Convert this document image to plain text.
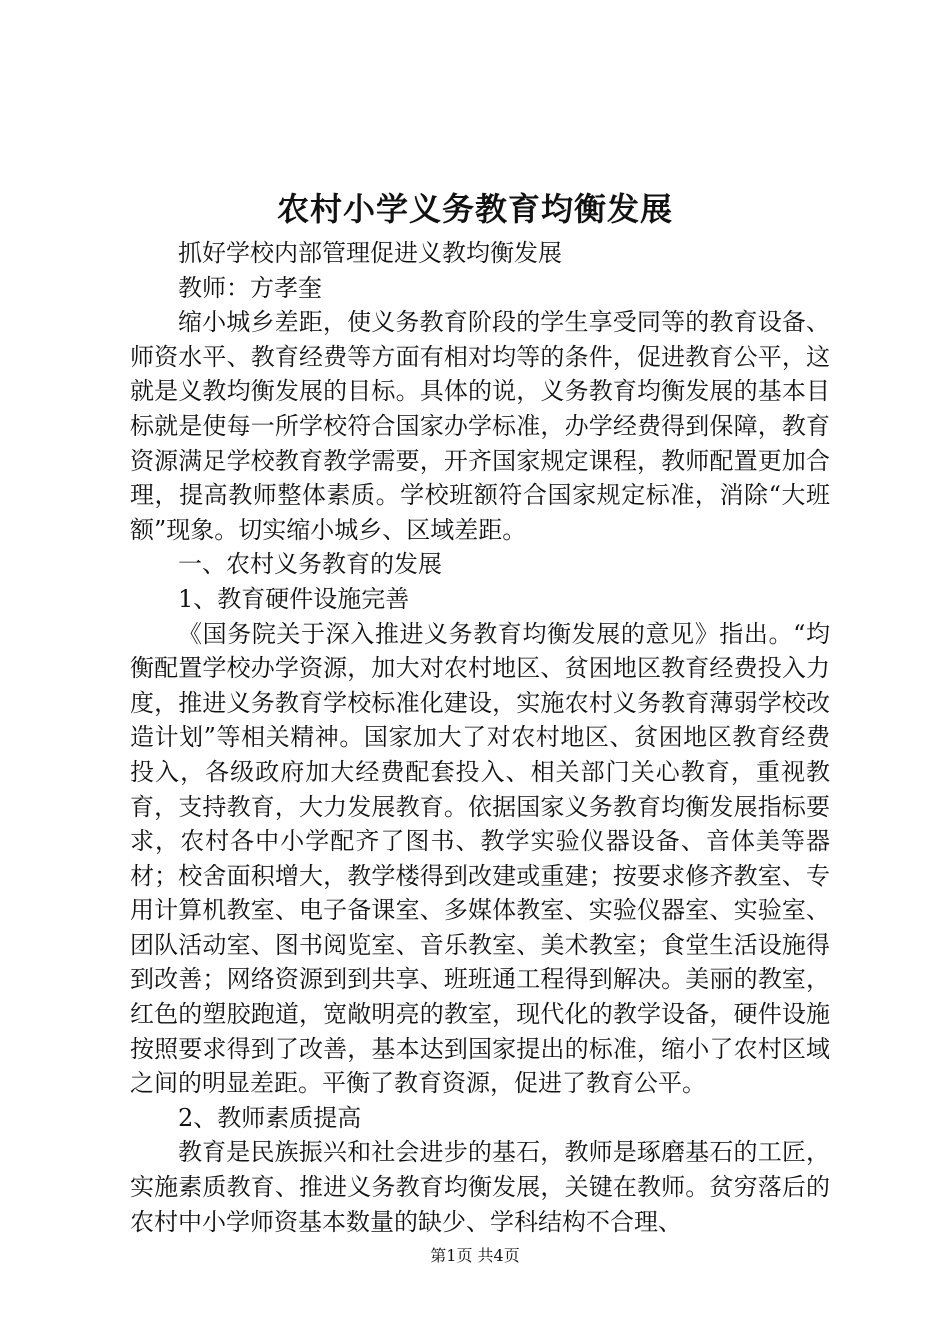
农村小学义务教育均衡发展

抓好学校内部管理促进义教均衡发展

教师：方孝奎

缩小城乡差距，使义务教育阶段的学生享受同等的教育设备、师资水平、教育经费等方面有相对均等的条件，促进教育公平，这就是义教均衡发展的目标。具体的说，义务教育均衡发展的基本目标就是使每一所学校符合国家办学标准，办学经费得到保障，教育资源满足学校教育教学需要，开齐国家规定课程，教师配置更加合理，提高教师整体素质。学校班额符合国家规定标准，消除“大班额”现象。切实缩小城乡、区域差距。

一、农村义务教育的发展

1、教育硬件设施完善

《国务院关于深入推进义务教育均衡发展的意见》指出。“均衡配置学校办学资源，加大对农村地区、贫困地区教育经费投入力度，推进义务教育学校标准化建设，实施农村义务教育薄弱学校改造计划”等相关精神。国家加大了对农村地区、贫困地区教育经费投入，各级政府加大经费配套投入、相关部门关心教育，重视教育，支持教育，大力发展教育。依据国家义务教育均衡发展指标要求，农村各中小学配齐了图书、教学实验仪器设备、音体美等器材；校舍面积增大，教学楼得到改建或重建；按要求修齐教室、专用计算机教室、电子备课室、多媒体教室、实验仪器室、实验室、团队活动室、图书阅览室、音乐教室、美术教室；食堂生活设施得到改善；网络资源到到共享、班班通工程得到解决。美丽的教室，红色的塑胶跑道，宽敞明亮的教室，现代化的教学设备，硬件设施按照要求得到了改善，基本达到国家提出的标准，缩小了农村区域之间的明显差距。平衡了教育资源，促进了教育公平。

2、教师素质提高

教育是民族振兴和社会进步的基石，教师是琢磨基石的工匠，实施素质教育、推进义务教育均衡发展，关键在教师。贫穷落后的农村中小学师资基本数量的缺少、学科结构不合理、

第1页 共4页
